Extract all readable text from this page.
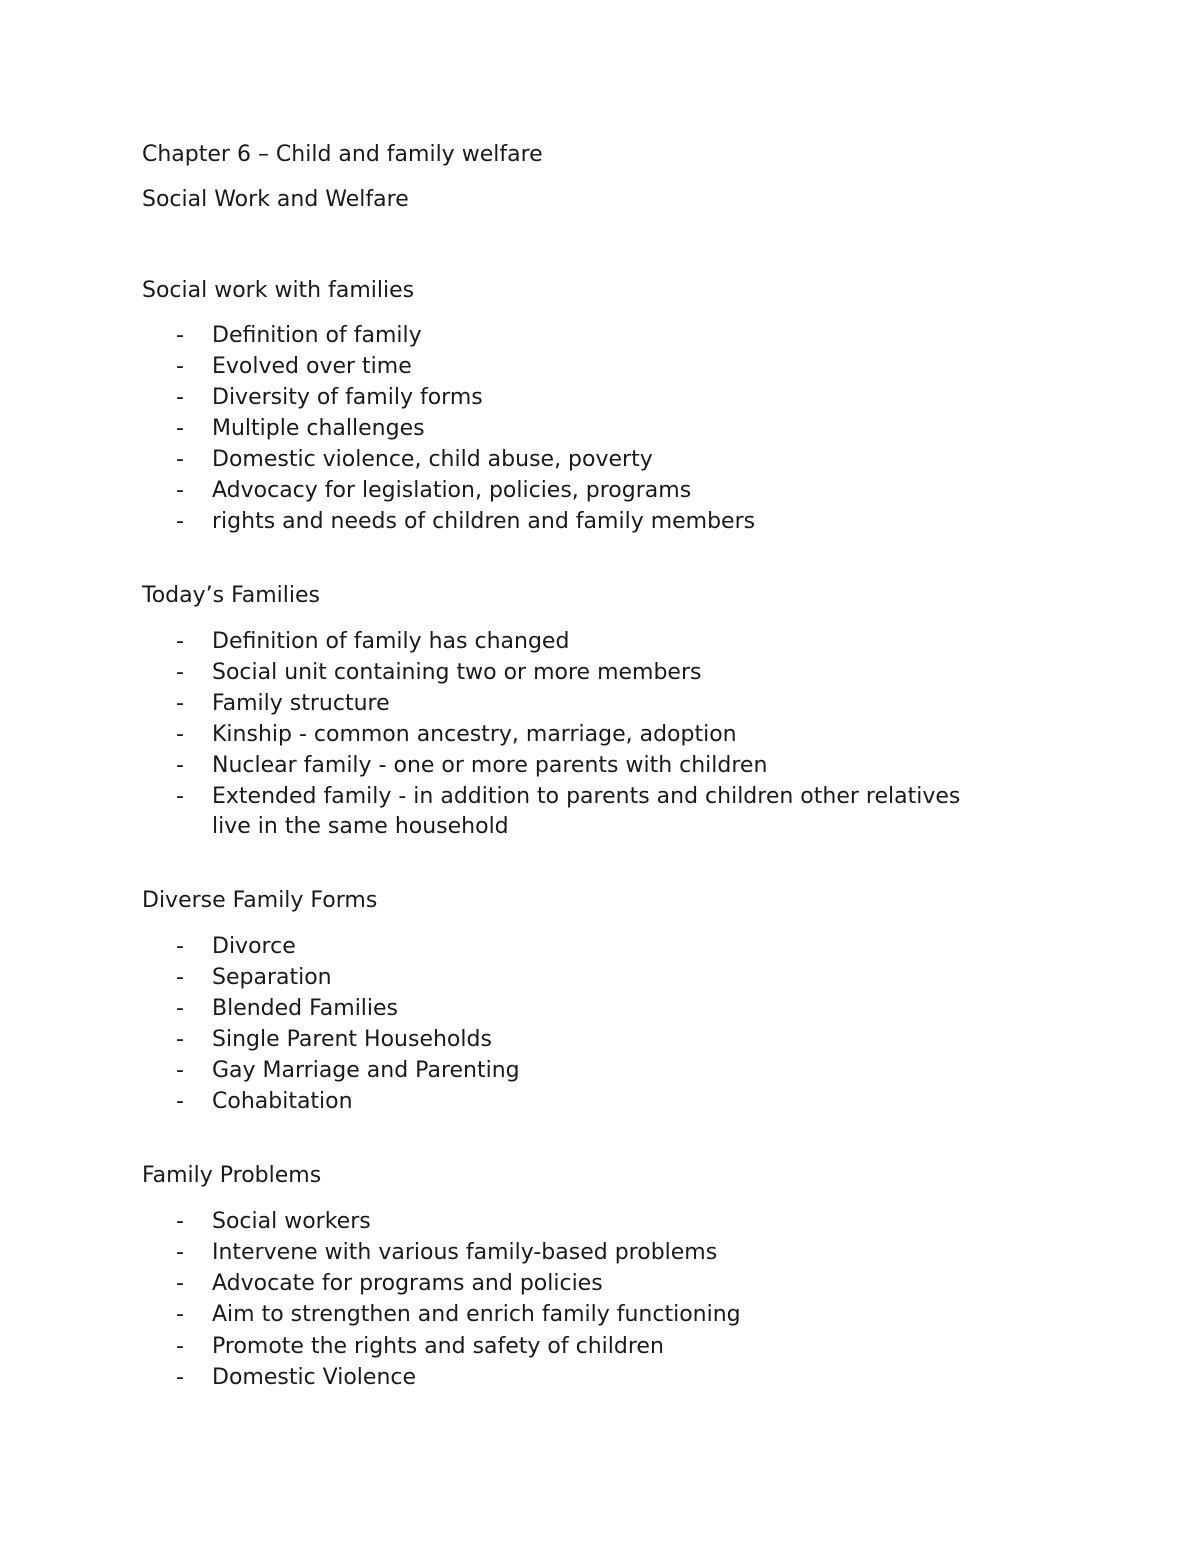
Chapter 6 – Child and family welfare
Social Work and Welfare
Social work with families
- Definition of family
- Evolved over time
- Diversity of family forms
- Multiple challenges
- Domestic violence, child abuse, poverty
- Advocacy for legislation, policies, programs
- rights and needs of children and family members
Today’s Families
- Definition of family has changed
- Social unit containing two or more members
- Family structure
- Kinship - common ancestry, marriage, adoption
- Nuclear family - one or more parents with children
- Extended family - in addition to parents and children other relatives
live in the same household
Diverse Family Forms
- Divorce
- Separation
- Blended Families
- Single Parent Households
- Gay Marriage and Parenting
- Cohabitation
Family Problems
- Social workers
- Intervene with various family-based problems
- Advocate for programs and policies
- Aim to strengthen and enrich family functioning
- Promote the rights and safety of children
- Domestic Violence
